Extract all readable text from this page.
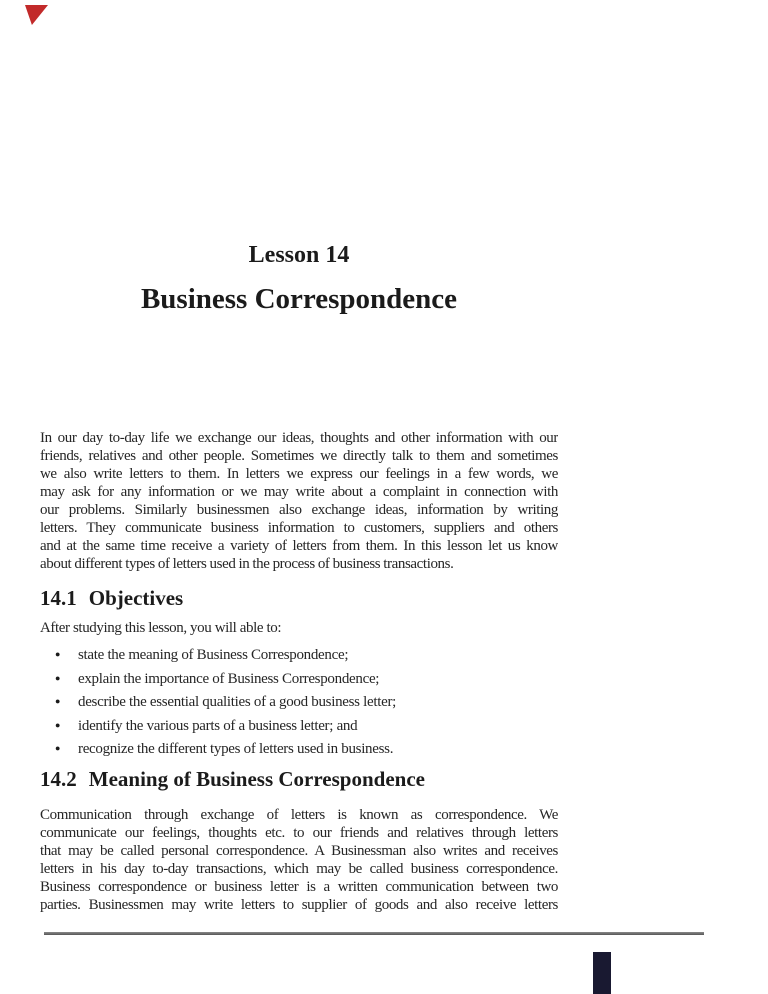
Lesson 14
Business Correspondence
In our day to-day life we exchange our ideas, thoughts and other information with our
friends, relatives and other people. Sometimes we directly talk to them and sometimes
we also write letters to them. In letters we express our feelings in a few words, we
may ask for any information or we may write about a complaint in connection with
our problems. Similarly businessmen also exchange ideas, information by writing
letters. They communicate business information to customers, suppliers and others
and at the same time receive a variety of letters from them. In this lesson let us know
about different types of letters used in the process of business transactions.
14.1 Objectives
After studying this lesson, you will able to:
● state the meaning of Business Correspondence;
● explain the importance of Business Correspondence;
● describe the essential qualities of a good business letter;
● identify the various parts of a business letter; and
● recognize the different types of letters used in business.
14.2 Meaning of Business Correspondence
Communication through exchange of letters is known as correspondence. We
communicate our feelings, thoughts etc. to our friends and relatives through letters
that may be called personal correspondence. A Businessman also writes and receives
letters in his day to-day transactions, which may be called business correspondence.
Business correspondence or business letter is a written communication between two
parties. Businessmen may write letters to supplier of goods and also receive letters
